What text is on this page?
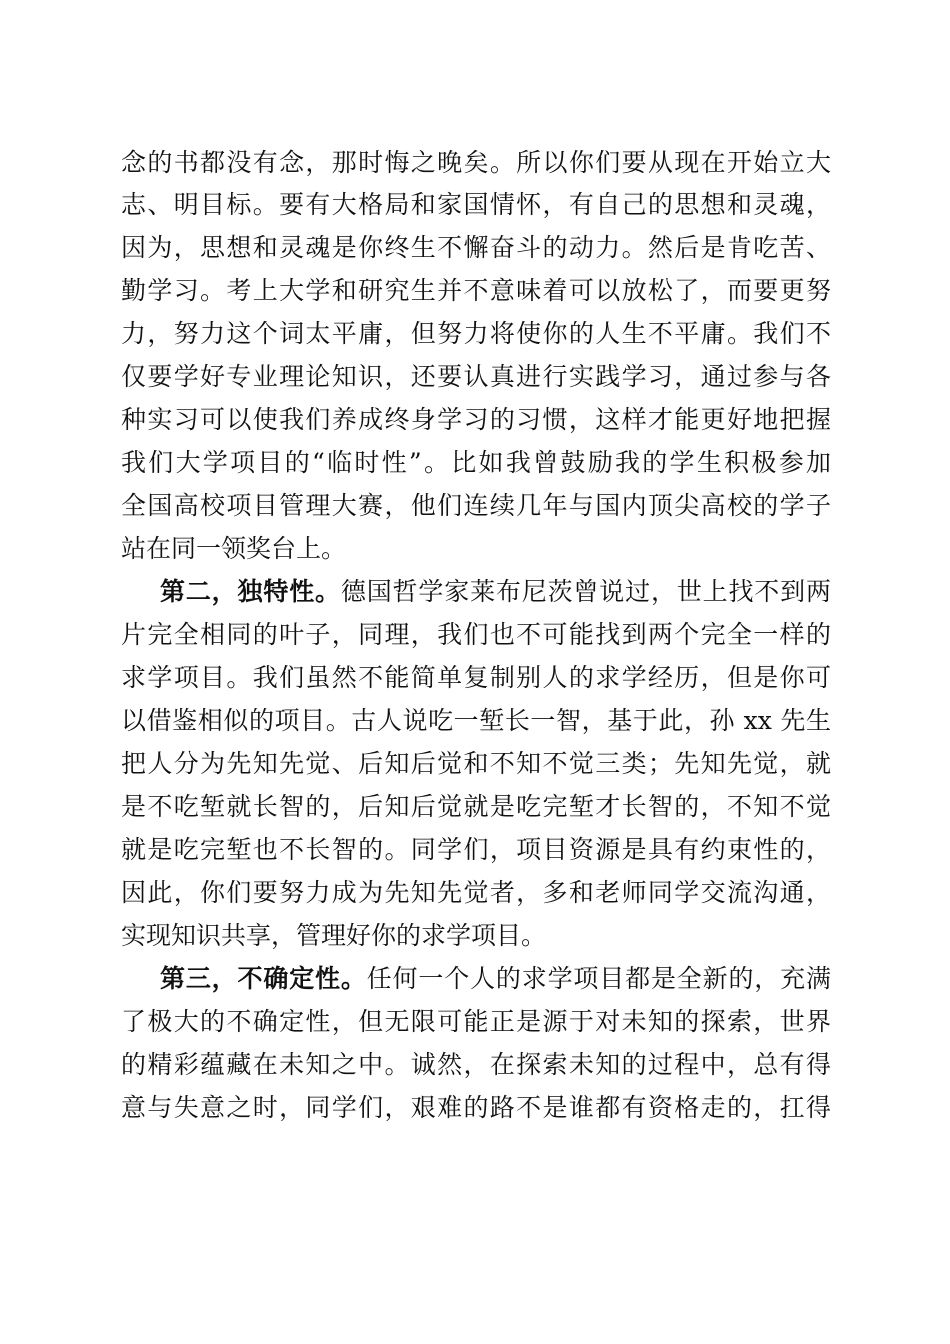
念的书都没有念，那时悔之晚矣。所以你们要从现在开始立大
志、明目标。要有大格局和家国情怀，有自己的思想和灵魂，
因为，思想和灵魂是你终生不懈奋斗的动力。然后是肯吃苦、
勤学习。考上大学和研究生并不意味着可以放松了，而要更努
力，努力这个词太平庸，但努力将使你的人生不平庸。我们不
仅要学好专业理论知识，还要认真进行实践学习，通过参与各
种实习可以使我们养成终身学习的习惯，这样才能更好地把握
我们大学项目的“临时性”。比如我曾鼓励我的学生积极参加
全国高校项目管理大赛，他们连续几年与国内顶尖高校的学子
站在同一领奖台上。
第二，独特性。德国哲学家莱布尼茨曾说过，世上找不到两
片完全相同的叶子，同理，我们也不可能找到两个完全一样的
求学项目。我们虽然不能简单复制别人的求学经历，但是你可
以借鉴相似的项目。古人说吃一堑长一智，基于此，孙 xx 先生
把人分为先知先觉、后知后觉和不知不觉三类；先知先觉，就
是不吃堑就长智的，后知后觉就是吃完堑才长智的，不知不觉
就是吃完堑也不长智的。同学们，项目资源是具有约束性的，
因此，你们要努力成为先知先觉者，多和老师同学交流沟通，
实现知识共享，管理好你的求学项目。
第三，不确定性。任何一个人的求学项目都是全新的，充满
了极大的不确定性，但无限可能正是源于对未知的探索，世界
的精彩蕴藏在未知之中。诚然，在探索未知的过程中，总有得
意与失意之时，同学们，艰难的路不是谁都有资格走的，扛得
